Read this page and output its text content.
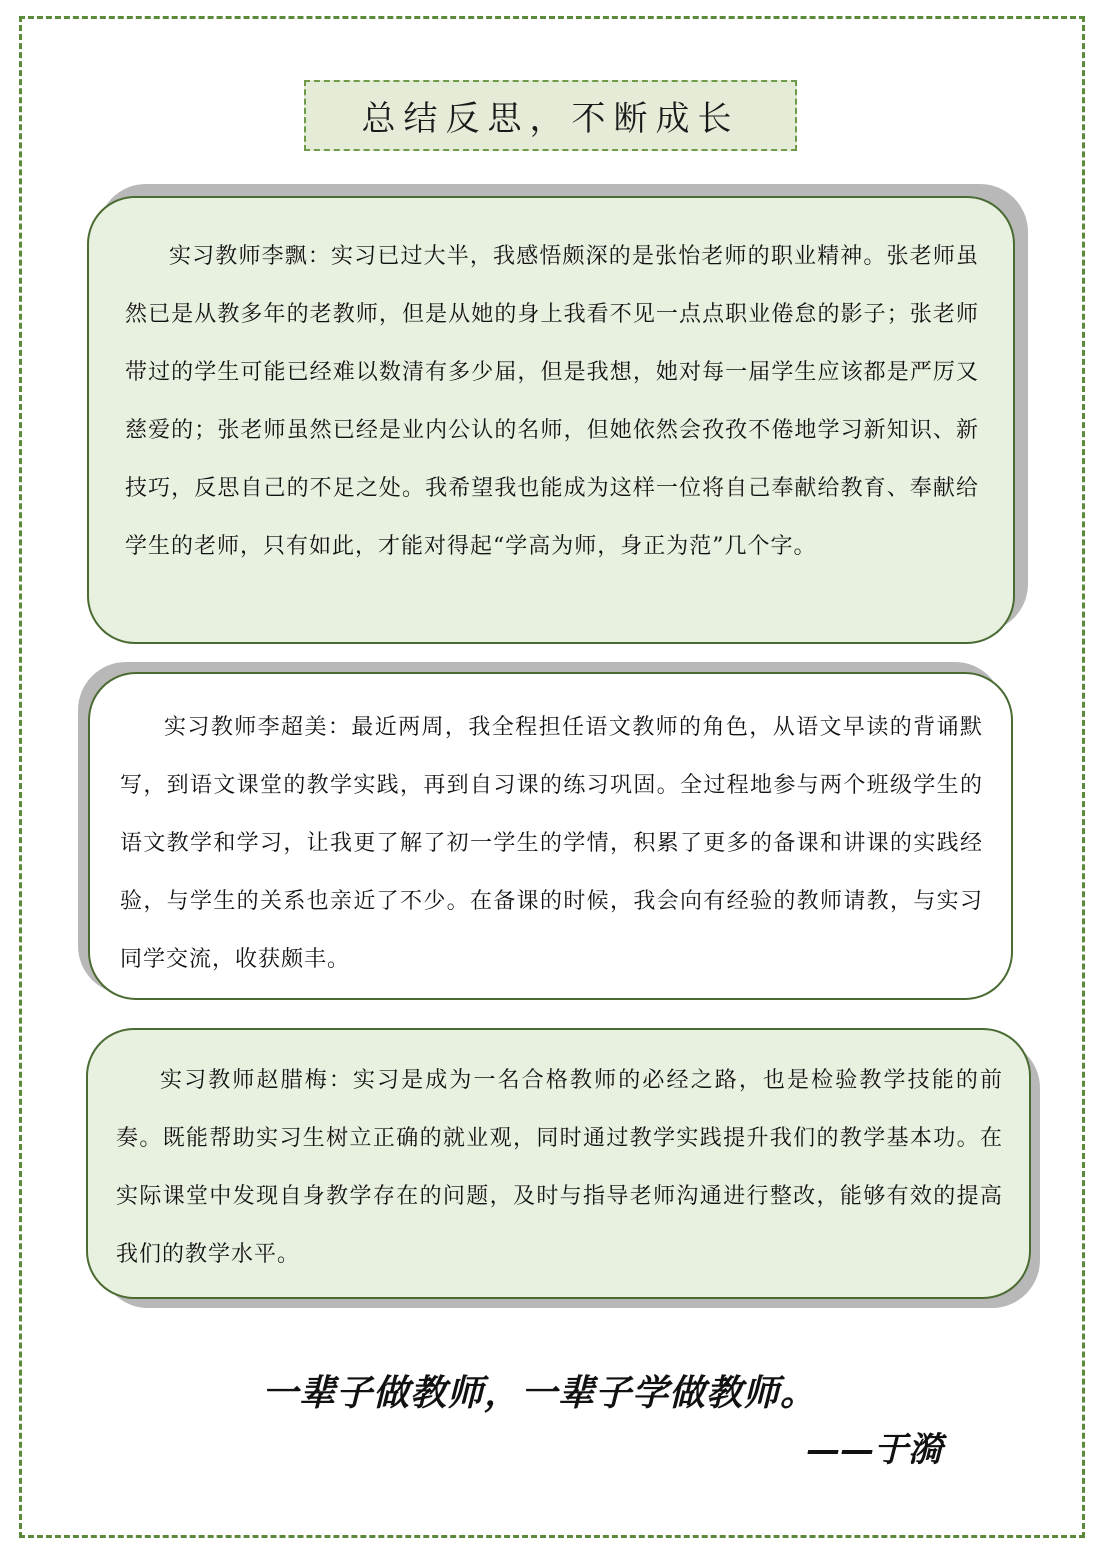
总结反思，不断成长

实习教师李飘：实习已过大半，我感悟颇深的是张怡老师的职业精神。张老师虽然已是从教多年的老教师，但是从她的身上我看不见一点点职业倦怠的影子；张老师带过的学生可能已经难以数清有多少届，但是我想，她对每一届学生应该都是严厉又慈爱的；张老师虽然已经是业内公认的名师，但她依然会孜孜不倦地学习新知识、新技巧，反思自己的不足之处。我希望我也能成为这样一位将自己奉献给教育、奉献给学生的老师，只有如此，才能对得起“学高为师，身正为范”几个字。

实习教师李超美：最近两周，我全程担任语文教师的角色，从语文早读的背诵默写，到语文课堂的教学实践，再到自习课的练习巩固。全过程地参与两个班级学生的语文教学和学习，让我更了解了初一学生的学情，积累了更多的备课和讲课的实践经验，与学生的关系也亲近了不少。在备课的时候，我会向有经验的教师请教，与实习同学交流，收获颇丰。

实习教师赵腊梅：实习是成为一名合格教师的必经之路，也是检验教学技能的前奏。既能帮助实习生树立正确的就业观，同时通过教学实践提升我们的教学基本功。在实际课堂中发现自身教学存在的问题，及时与指导老师沟通进行整改，能够有效的提高我们的教学水平。

一辈子做教师，一辈子学做教师。
——于漪
